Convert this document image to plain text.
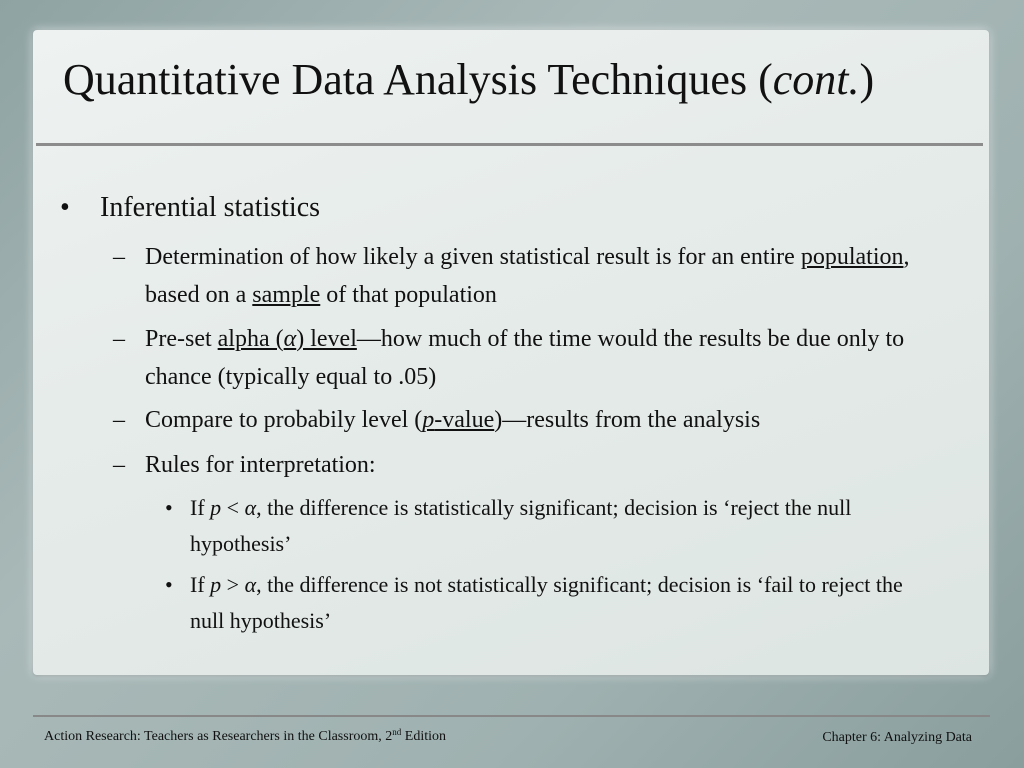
Quantitative Data Analysis Techniques (cont.)
• Inferential statistics
– Determination of how likely a given statistical result is for an entire population, based on a sample of that population
– Pre-set alpha (α) level—how much of the time would the results be due only to chance (typically equal to .05)
– Compare to probabily level (p-value)—results from the analysis
– Rules for interpretation:
• If p < α, the difference is statistically significant; decision is ‘reject the null hypothesis’
• If p > α, the difference is not statistically significant; decision is ‘fail to reject the null hypothesis’
Action Research: Teachers as Researchers in the Classroom, 2nd Edition	Chapter 6: Analyzing Data
